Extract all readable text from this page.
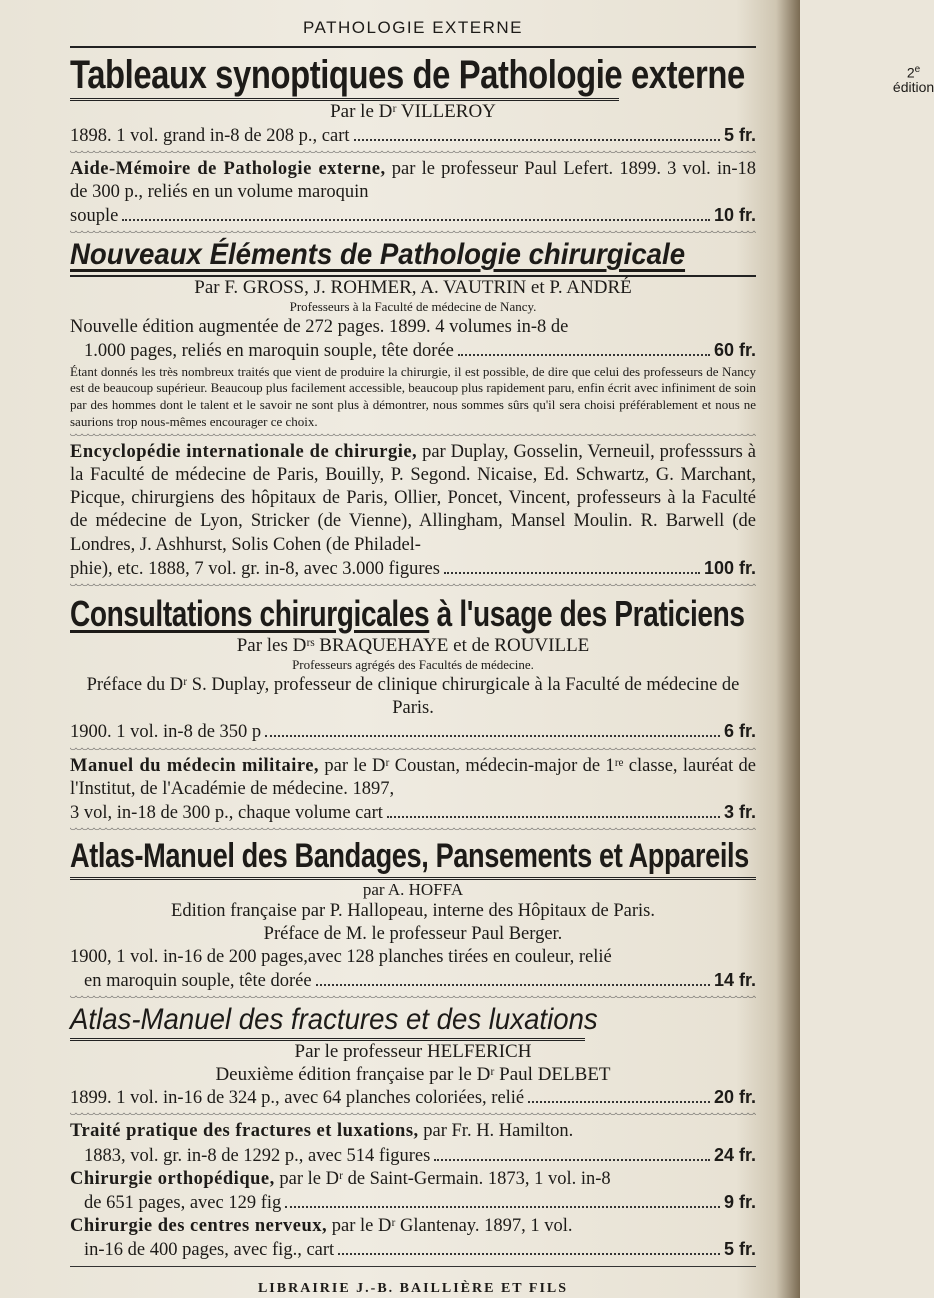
PATHOLOGIE EXTERNE
Tableaux synoptiques de Pathologie externe	2e
édition
Par le Dʳ VILLEROY
1898. 1 vol. grand in-8 de 208 p., cart	5 fr.
Aide-Mémoire de Pathologie externe, par le professeur Paul Lefert. 1899. 3 vol. in-18 de 300 p., reliés en un volume maroquin
souple	10 fr.
Nouveaux Éléments de Pathologie chirurgicale
Par F. GROSS, J. ROHMER, A. VAUTRIN et P. ANDRÉ
Professeurs à la Faculté de médecine de Nancy.
Nouvelle édition augmentée de 272 pages. 1899. 4 volumes in-8 de
1.000 pages, reliés en maroquin souple, tête dorée	60 fr.
Étant donnés les très nombreux traités que vient de produire la chirurgie, il est possible, de dire que celui des professeurs de Nancy est de beaucoup supérieur. Beaucoup plus facilement accessible, beaucoup plus rapidement paru, enfin écrit avec infiniment de soin par des hommes dont le talent et le savoir ne sont plus à démontrer, nous sommes sûrs qu'il sera choisi préférablement et nous ne saurions trop nous-mêmes encourager ce choix.
Encyclopédie internationale de chirurgie, par Duplay, Gosselin, Verneuil, professsurs à la Faculté de médecine de Paris, Bouilly, P. Segond. Nicaise, Ed. Schwartz, G. Marchant, Picque, chirurgiens des hôpitaux de Paris, Ollier, Poncet, Vincent, professeurs à la Faculté de médecine de Lyon, Stricker (de Vienne), Allingham, Mansel Moulin. R. Barwell (de Londres, J. Ashhurst, Solis Cohen (de Philadel-
phie), etc. 1888, 7 vol. gr. in-8, avec 3.000 figures	100 fr.
Consultations chirurgicales à l'usage des Praticiens
Par les Dʳˢ BRAQUEHAYE et de ROUVILLE
Professeurs agrégés des Facultés de médecine.
Préface du Dʳ S. Duplay, professeur de clinique chirurgicale à la Faculté de médecine de Paris.
1900. 1 vol. in-8 de 350 p	6 fr.
Manuel du médecin militaire, par le Dʳ Coustan, médecin-major de 1ʳᵉ classe, lauréat de l'Institut, de l'Académie de médecine. 1897,
3 vol, in-18 de 300 p., chaque volume cart	3 fr.
Atlas-Manuel des Bandages, Pansements et Appareils
par A. HOFFA
Edition française par P. Hallopeau, interne des Hôpitaux de Paris.
Préface de M. le professeur Paul Berger.
1900, 1 vol. in-16 de 200 pages,avec 128 planches tirées en couleur, relié
en maroquin souple, tête dorée	14 fr.
Atlas-Manuel des fractures et des luxations
Par le professeur HELFERICH
Deuxième édition française par le Dʳ Paul DELBET
1899. 1 vol. in-16 de 324 p., avec 64 planches coloriées, relié	20 fr.
Traité pratique des fractures et luxations, par Fr. H. Hamilton.
1883, vol. gr. in-8 de 1292 p., avec 514 figures	24 fr.
Chirurgie orthopédique, par le Dʳ de Saint-Germain. 1873, 1 vol. in-8
de 651 pages, avec 129 fig	9 fr.
Chirurgie des centres nerveux, par le Dʳ Glantenay. 1897, 1 vol.
in-16 de 400 pages, avec fig., cart	5 fr.
LIBRAIRIE J.-B. BAILLIÈRE ET FILS
